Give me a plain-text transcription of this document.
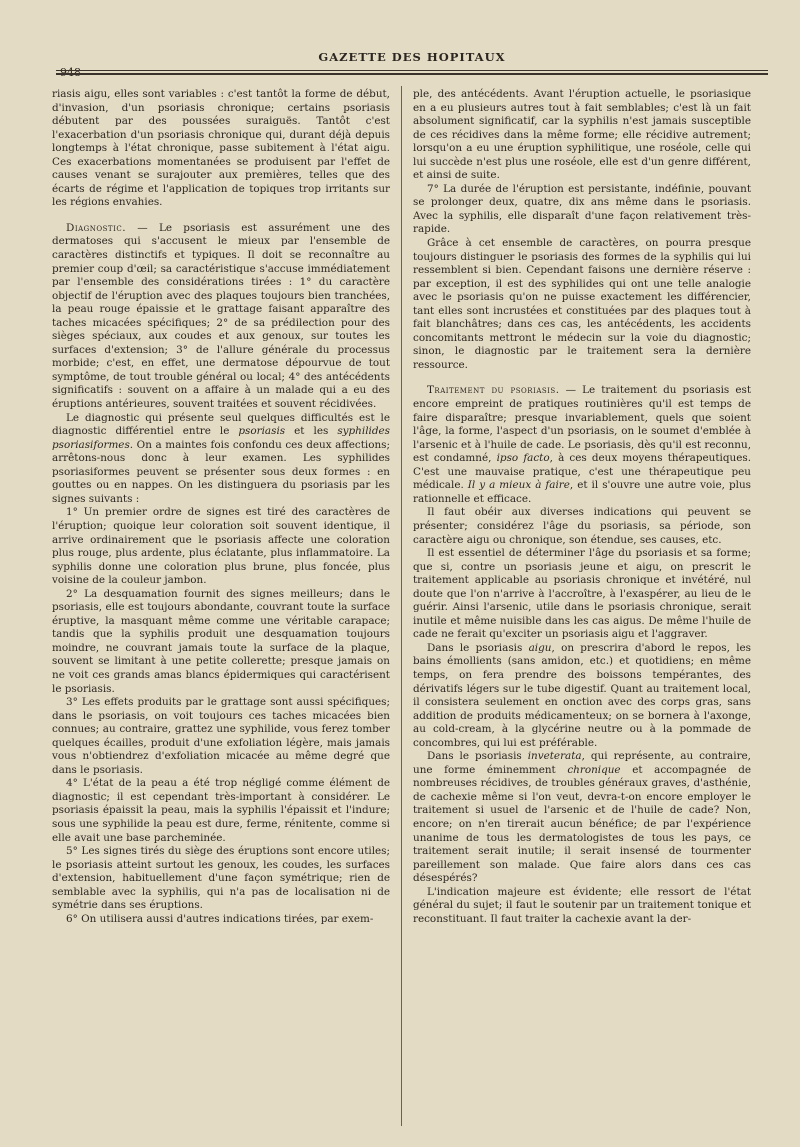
948
GAZETTE DES HOPITAUX

riasis aigu, elles sont variables : c'est tantôt la forme de début, d'invasion, d'un psoriasis chronique; certains psoriasis débutent par des poussées suraiguës. Tantôt c'est l'exacerbation d'un psoriasis chronique qui, durant déjà depuis longtemps à l'état chronique, passe subitement à l'état aigu. Ces exacerbations momentanées se produisent par l'effet de causes venant se surajouter aux premières, telles que des écarts de régime et l'application de topiques trop irritants sur les régions envahies.

Diagnostic. — Le psoriasis est assurément une des dermatoses qui s'accusent le mieux par l'ensemble de caractères distinctifs et typiques. Il doit se reconnaître au premier coup d'œil; sa caractéristique s'accuse immédiatement par l'ensemble des considérations tirées : 1° du caractère objectif de l'éruption avec des plaques toujours bien tranchées, la peau rouge épaissie et le grattage faisant apparaître des taches micacées spécifiques; 2° de sa prédilection pour des sièges spéciaux, aux coudes et aux genoux, sur toutes les surfaces d'extension; 3° de l'allure générale du processus morbide; c'est, en effet, une dermatose dépourvue de tout symptôme, de tout trouble général ou local; 4° des antécédents significatifs : souvent on a affaire à un malade qui a eu des éruptions antérieures, souvent traitées et souvent récidivées.

Le diagnostic qui présente seul quelques difficultés est le diagnostic différentiel entre le psoriasis et les syphilides psoriasiformes. On a maintes fois confondu ces deux affections; arrêtons-nous donc à leur examen. Les syphilides psoriasiformes peuvent se présenter sous deux formes : en gouttes ou en nappes. On les distinguera du psoriasis par les signes suivants :

1° Un premier ordre de signes est tiré des caractères de l'éruption; quoique leur coloration soit souvent identique, il arrive ordinairement que le psoriasis affecte une coloration plus rouge, plus ardente, plus éclatante, plus inflammatoire. La syphilis donne une coloration plus brune, plus foncée, plus voisine de la couleur jambon.

2° La desquamation fournit des signes meilleurs; dans le psoriasis, elle est toujours abondante, couvrant toute la surface éruptive, la masquant même comme une véritable carapace; tandis que la syphilis produit une desquamation toujours moindre, ne couvrant jamais toute la surface de la plaque, souvent se limitant à une petite collerette; presque jamais on ne voit ces grands amas blancs épidermiques qui caractérisent le psoriasis.

3° Les effets produits par le grattage sont aussi spécifiques; dans le psoriasis, on voit toujours ces taches micacées bien connues; au contraire, grattez une syphilide, vous ferez tomber quelques écailles, produit d'une exfoliation légère, mais jamais vous n'obtiendrez d'exfoliation micacée au même degré que dans le psoriasis.

4° L'état de la peau a été trop négligé comme élément de diagnostic; il est cependant très-important à considérer. Le psoriasis épaissit la peau, mais la syphilis l'épaissit et l'indure; sous une syphilide la peau est dure, ferme, rénitente, comme si elle avait une base parcheminée.

5° Les signes tirés du siège des éruptions sont encore utiles; le psoriasis atteint surtout les genoux, les coudes, les surfaces d'extension, habituellement d'une façon symétrique; rien de semblable avec la syphilis, qui n'a pas de localisation ni de symétrie dans ses éruptions.

6° On utilisera aussi d'autres indications tirées, par exem-

ple, des antécédents. Avant l'éruption actuelle, le psoriasique en a eu plusieurs autres tout à fait semblables; c'est là un fait absolument significatif, car la syphilis n'est jamais susceptible de ces récidives dans la même forme; elle récidive autrement; lorsqu'on a eu une éruption syphilitique, une roséole, celle qui lui succède n'est plus une roséole, elle est d'un genre différent, et ainsi de suite.

7° La durée de l'éruption est persistante, indéfinie, pouvant se prolonger deux, quatre, dix ans même dans le psoriasis. Avec la syphilis, elle disparaît d'une façon relativement très-rapide.

Grâce à cet ensemble de caractères, on pourra presque toujours distinguer le psoriasis des formes de la syphilis qui lui ressemblent si bien. Cependant faisons une dernière réserve : par exception, il est des syphilides qui ont une telle analogie avec le psoriasis qu'on ne puisse exactement les différencier, tant elles sont incrustées et constituées par des plaques tout à fait blanchâtres; dans ces cas, les antécédents, les accidents concomitants mettront le médecin sur la voie du diagnostic; sinon, le diagnostic par le traitement sera la dernière ressource.

Traitement du psoriasis. — Le traitement du psoriasis est encore empreint de pratiques routinières qu'il est temps de faire disparaître; presque invariablement, quels que soient l'âge, la forme, l'aspect d'un psoriasis, on le soumet d'emblée à l'arsenic et à l'huile de cade. Le psoriasis, dès qu'il est reconnu, est condamné, ipso facto, à ces deux moyens thérapeutiques. C'est une mauvaise pratique, c'est une thérapeutique peu médicale. Il y a mieux à faire, et il s'ouvre une autre voie, plus rationnelle et efficace.

Il faut obéir aux diverses indications qui peuvent se présenter; considérez l'âge du psoriasis, sa période, son caractère aigu ou chronique, son étendue, ses causes, etc.

Il est essentiel de déterminer l'âge du psoriasis et sa forme; que si, contre un psoriasis jeune et aigu, on prescrit le traitement applicable au psoriasis chronique et invétéré, nul doute que l'on n'arrive à l'accroître, à l'exaspérer, au lieu de le guérir. Ainsi l'arsenic, utile dans le psoriasis chronique, serait inutile et même nuisible dans les cas aigus. De même l'huile de cade ne ferait qu'exciter un psoriasis aigu et l'aggraver.

Dans le psoriasis aigu, on prescrira d'abord le repos, les bains émollients (sans amidon, etc.) et quotidiens; en même temps, on fera prendre des boissons tempérantes, des dérivatifs légers sur le tube digestif. Quant au traitement local, il consistera seulement en onction avec des corps gras, sans addition de produits médicamenteux; on se bornera à l'axonge, au cold-cream, à la glycérine neutre ou à la pommade de concombres, qui lui est préférable.

Dans le psoriasis inveterata, qui représente, au contraire, une forme éminemment chronique et accompagnée de nombreuses récidives, de troubles généraux graves, d'asthénie, de cachexie même si l'on veut, devra-t-on encore employer le traitement si usuel de l'arsenic et de l'huile de cade? Non, encore; on n'en tirerait aucun bénéfice; de par l'expérience unanime de tous les dermatologistes de tous les pays, ce traitement serait inutile; il serait insensé de tourmenter pareillement son malade. Que faire alors dans ces cas désespérés?

L'indication majeure est évidente; elle ressort de l'état général du sujet; il faut le soutenir par un traitement tonique et reconstituant. Il faut traiter la cachexie avant la der-
